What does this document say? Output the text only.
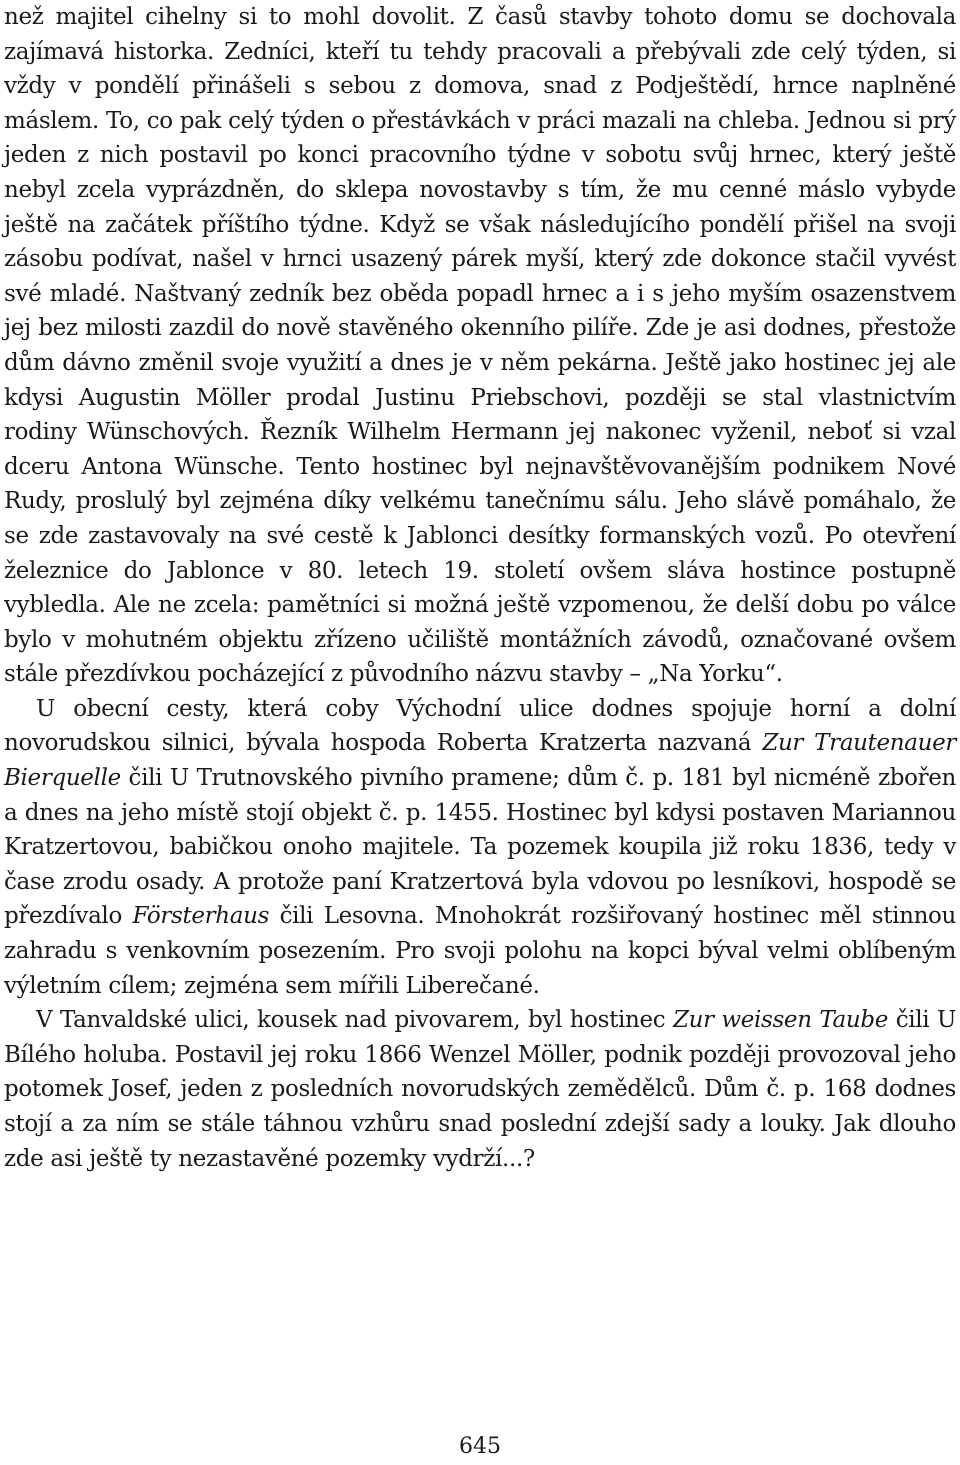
než majitel cihelny si to mohl dovolit. Z časů stavby tohoto domu se dochovala zajímavá historka. Zedníci, kteří tu tehdy pracovali a přebývali zde celý týden, si vždy v pondělí přinášeli s sebou z domova, snad z Podještědí, hrnce naplněné máslem. To, co pak celý týden o přestávkách v práci mazali na chleba. Jednou si prý jeden z nich postavil po konci pracovního týdne v sobotu svůj hrnec, který ještě nebyl zcela vyprázdněn, do sklepa novostavby s tím, že mu cenné máslo vybyde ještě na začátek příštího týdne. Když se však následujícího pondělí přišel na svoji zásobu podívat, našel v hrnci usazený párek myší, který zde dokonce stačil vyvést své mladé. Naštvaný zedník bez oběda popadl hrnec a i s jeho myším osazenstvem jej bez milosti zazdil do nově stavěného okenního pilíře. Zde je asi dodnes, přestože dům dávno změnil svoje využití a dnes je v něm pekárna. Ještě jako hostinec jej ale kdysi Augustin Möller prodal Justinu Priebschovi, později se stal vlastnictvím rodiny Wünschových. Řezník Wilhelm Hermann jej nakonec vyženil, neboť si vzal dceru Antona Wünsche. Tento hostinec byl nejnavštěvovanějším podnikem Nové Rudy, proslulý byl zejména díky velkému tanečnímu sálu. Jeho slávě pomáhalo, že se zde zastavovaly na své cestě k Jablonci desítky formanských vozů. Po otevření železnice do Jablonce v 80. letech 19. století ovšem sláva hostince postupně vybledla. Ale ne zcela: pamětníci si možná ještě vzpomenou, že delší dobu po válce bylo v mohutném objektu zřízeno učiliště montážních závodů, označované ovšem stále přezdívkou pocházející z původního názvu stavby – „Na Yorku“.

U obecní cesty, která coby Východní ulice dodnes spojuje horní a dolní novorudskou silnici, bývala hospoda Roberta Kratzerta nazvaná Zur Trautenauer Bierquelle čili U Trutnovského pivního pramene; dům č. p. 181 byl nicméně zbořen a dnes na jeho místě stojí objekt č. p. 1455. Hostinec byl kdysi postaven Mariannou Kratzertovou, babičkou onoho majitele. Ta pozemek koupila již roku 1836, tedy v čase zrodu osady. A protože paní Kratzertová byla vdovou po lesníkovi, hospodě se přezdívalo Försterhaus čili Lesovna. Mnohokrát rozšiřovaný hostinec měl stinnou zahradu s venkovním posezením. Pro svoji polohu na kopci býval velmi oblíbeným výletním cílem; zejména sem mířili Liberečané.

V Tanvaldské ulici, kousek nad pivovarem, byl hostinec Zur weissen Taube čili U Bílého holuba. Postavil jej roku 1866 Wenzel Möller, podnik později provozoval jeho potomek Josef, jeden z posledních novorudských zemědělců. Dům č. p. 168 dodnes stojí a za ním se stále táhnou vzhůru snad poslední zdejší sady a louky. Jak dlouho zde asi ještě ty nezastavěné pozemky vydrží...?

645
